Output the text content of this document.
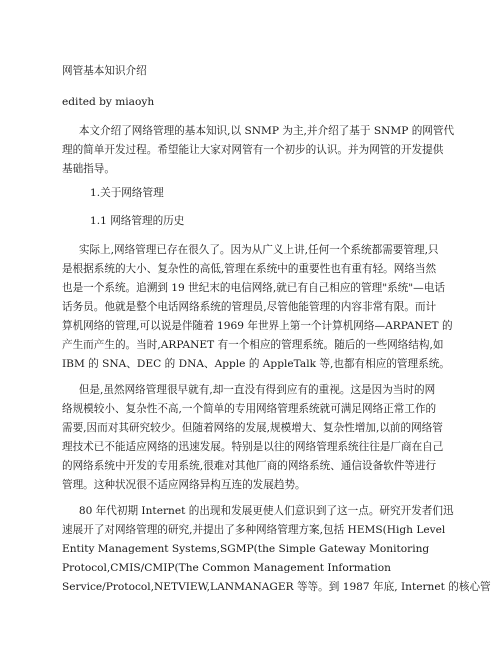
网管基本知识介绍

edited by miaoyh

本文介绍了网络管理的基本知识,以 SNMP 为主,并介绍了基于 SNMP 的网管代
理的简单开发过程。希望能让大家对网管有一个初步的认识。并为网管的开发提供
基础指导。

1.关于网络管理

1.1 网络管理的历史

实际上,网络管理已存在很久了。因为从广义上讲,任何一个系统都需要管理,只
是根据系统的大小、复杂性的高低,管理在系统中的重要性也有重有轻。网络当然
也是一个系统。追溯到 19 世纪末的电信网络,就已有自己相应的管理"系统"—电话
话务员。他就是整个电话网络系统的管理员,尽管他能管理的内容非常有限。而计
算机网络的管理,可以说是伴随着 1969 年世界上第一个计算机网络—ARPANET 的
产生而产生的。当时,ARPANET 有一个相应的管理系统。随后的一些网络结构,如
IBM 的 SNA、DEC 的 DNA、Apple 的 AppleTalk 等,也都有相应的管理系统。

但是,虽然网络管理很早就有,却一直没有得到应有的重视。这是因为当时的网
络规模较小、复杂性不高,一个简单的专用网络管理系统就可满足网络正常工作的
需要,因而对其研究较少。但随着网络的发展,规模增大、复杂性增加,以前的网络管
理技术已不能适应网络的迅速发展。特别是以往的网络管理系统往往是厂商在自己
的网络系统中开发的专用系统,很难对其他厂商的网络系统、通信设备软件等进行
管理。这种状况很不适应网络异构互连的发展趋势。

80 年代初期 Internet 的出现和发展更使人们意识到了这一点。研究开发者们迅
速展开了对网络管理的研究,并提出了多种网络管理方案,包括 HEMS(High Level
Entity Management Systems,SGMP(the Simple Gateway Monitoring
Protocol,CMIS/CMIP(The Common Management Information
Service/Protocol,NETVIEW,LANMANAGER 等等。到 1987 年底, Internet 的核心管
